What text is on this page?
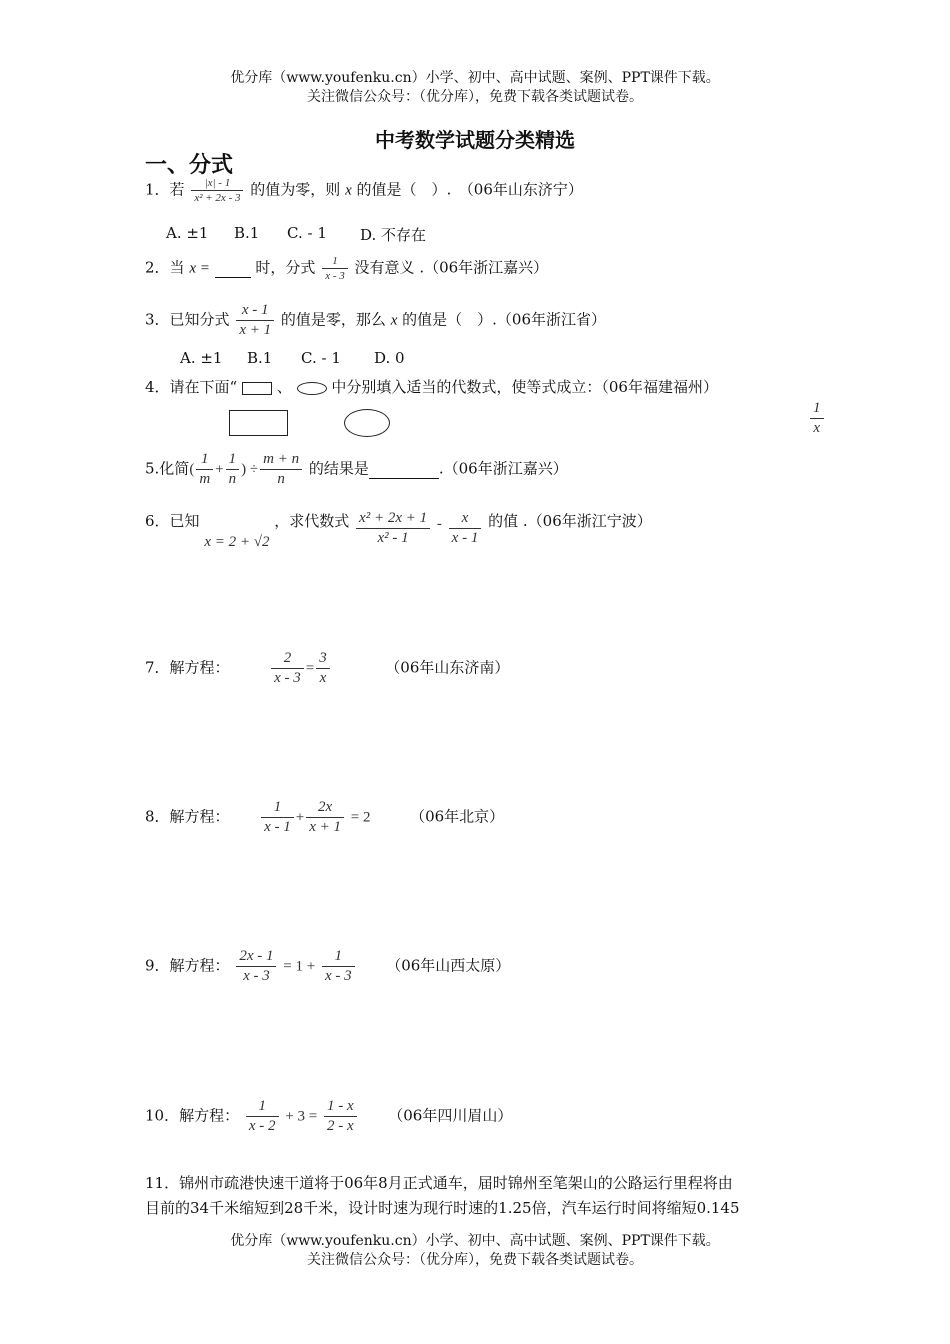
优分库（www.youfenku.cn）小学、初中、高中试题、案例、PPT课件下载。
关注微信公众号：（优分库），免费下载各类试题试卷。
中考数学试题分类精选
一、分式
1．若 $\frac{|x| - 1}{\text{x² + 2x - 3}}$ 的值为零，则 x 的值是（　）.　（06年山东济宁）
A. ±1 B.1 C. - 1 D. 不存在
2．当 x =	时，分式 $\frac{1}{x - 3}$ 没有意义 .（06年浙江嘉兴）
3．已知分式 $\frac{x - 1}{x + 1}$ 的值是零，那么 x 的值是（　）.（06年浙江省）
A. ±1 B.1 C. - 1 D. 0
4．请在下面“	、	中分别填入适当的代数式，使等式成立：（06年福建福州）
$\frac{1}{x}$
5.化简( $\frac{1}{m} + \frac{1}{n}$ ) ÷ $\frac{m + n}{n}$ 的结果是	.（06年浙江嘉兴）
6．已知 x = 2 + √2 ，求代数式 $\frac{\text{x² + 2x + 1}}{\text{x² - 1}} - \frac{x}{x - 1}$ 的值 .（06年浙江宁波）
7．解方程：	$\frac{2}{x - 3} = \frac{3}{x}$	（06年山东济南）
8．解方程： $\frac{1}{x - 1} + \frac{2x}{x + 1} = 2$	（06年北京）
9．解方程： $\frac{2x - 1}{x - 3} = 1 + \frac{1}{x - 3} (06$年山西太原）
10．解方程： $\frac{1}{x - 2} + 3 = \frac{1 - x}{2 - x} (06$年四川眉山）
11．锦州市疏港快速干道将于06年8月正式通车，届时锦州至笔架山的公路运行里程将由
目前的34千米缩短到28千米，设计时速为现行时速的1.25倍，汽车运行时间将缩短0.145
优分库（www.youfenku.cn）小学、初中、高中试题、案例、PPT课件下载。
关注微信公众号：（优分库），免费下载各类试题试卷。
